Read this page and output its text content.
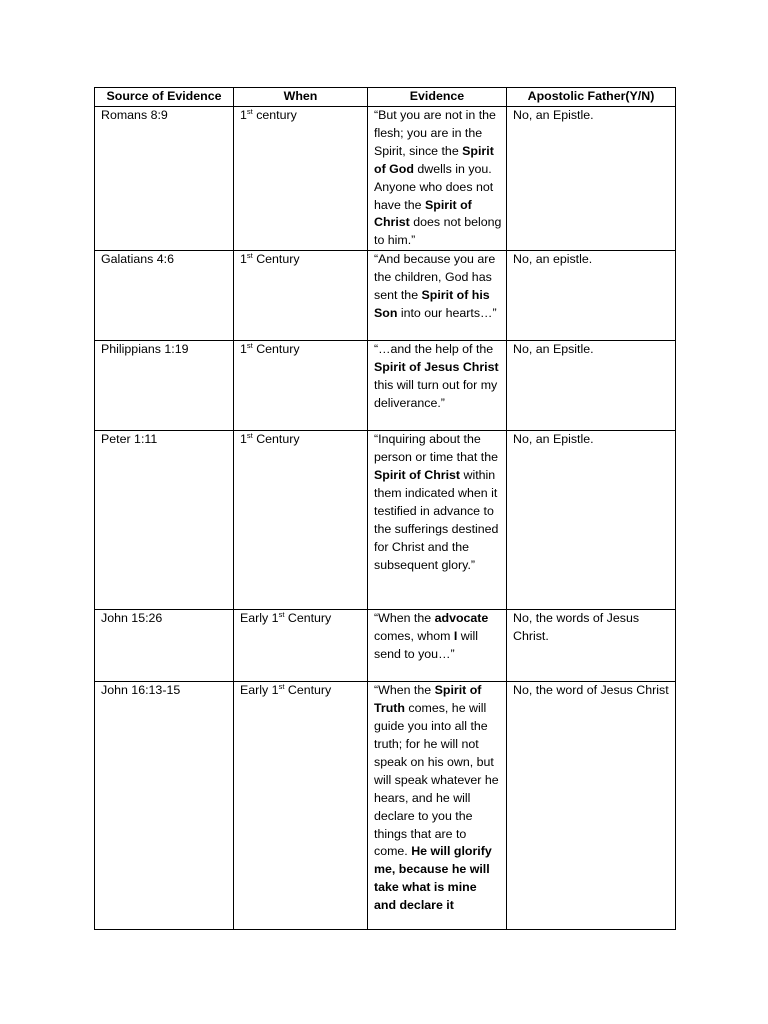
Source of Evidence	When	Evidence	Apostolic Father(Y/N)
Romans 8:9	1st century	“But you are not in the flesh; you are in the Spirit, since the Spirit of God dwells in you. Anyone who does not have the Spirit of Christ does not belong to him.”	No, an Epistle.
Galatians 4:6	1st Century	“And because you are the children, God has sent the Spirit of his Son into our hearts…”	No, an epistle.
Philippians 1:19	1st Century	“…and the help of the Spirit of Jesus Christ this will turn out for my deliverance.”	No, an Epsitle.
Peter 1:11	1st Century	“Inquiring about the person or time that the Spirit of Christ within them indicated when it testified in advance to the sufferings destined for Christ and the subsequent glory.”	No, an Epistle.
John 15:26	Early 1st Century	“When the advocate comes, whom I will send to you…”	No, the words of Jesus Christ.
John 16:13-15	Early 1st Century	“When the Spirit of Truth comes, he will guide you into all the truth; for he will not speak on his own, but will speak whatever he hears, and he will declare to you the things that are to come. He will glorify me, because he will take what is mine and declare it	No, the word of Jesus Christ
